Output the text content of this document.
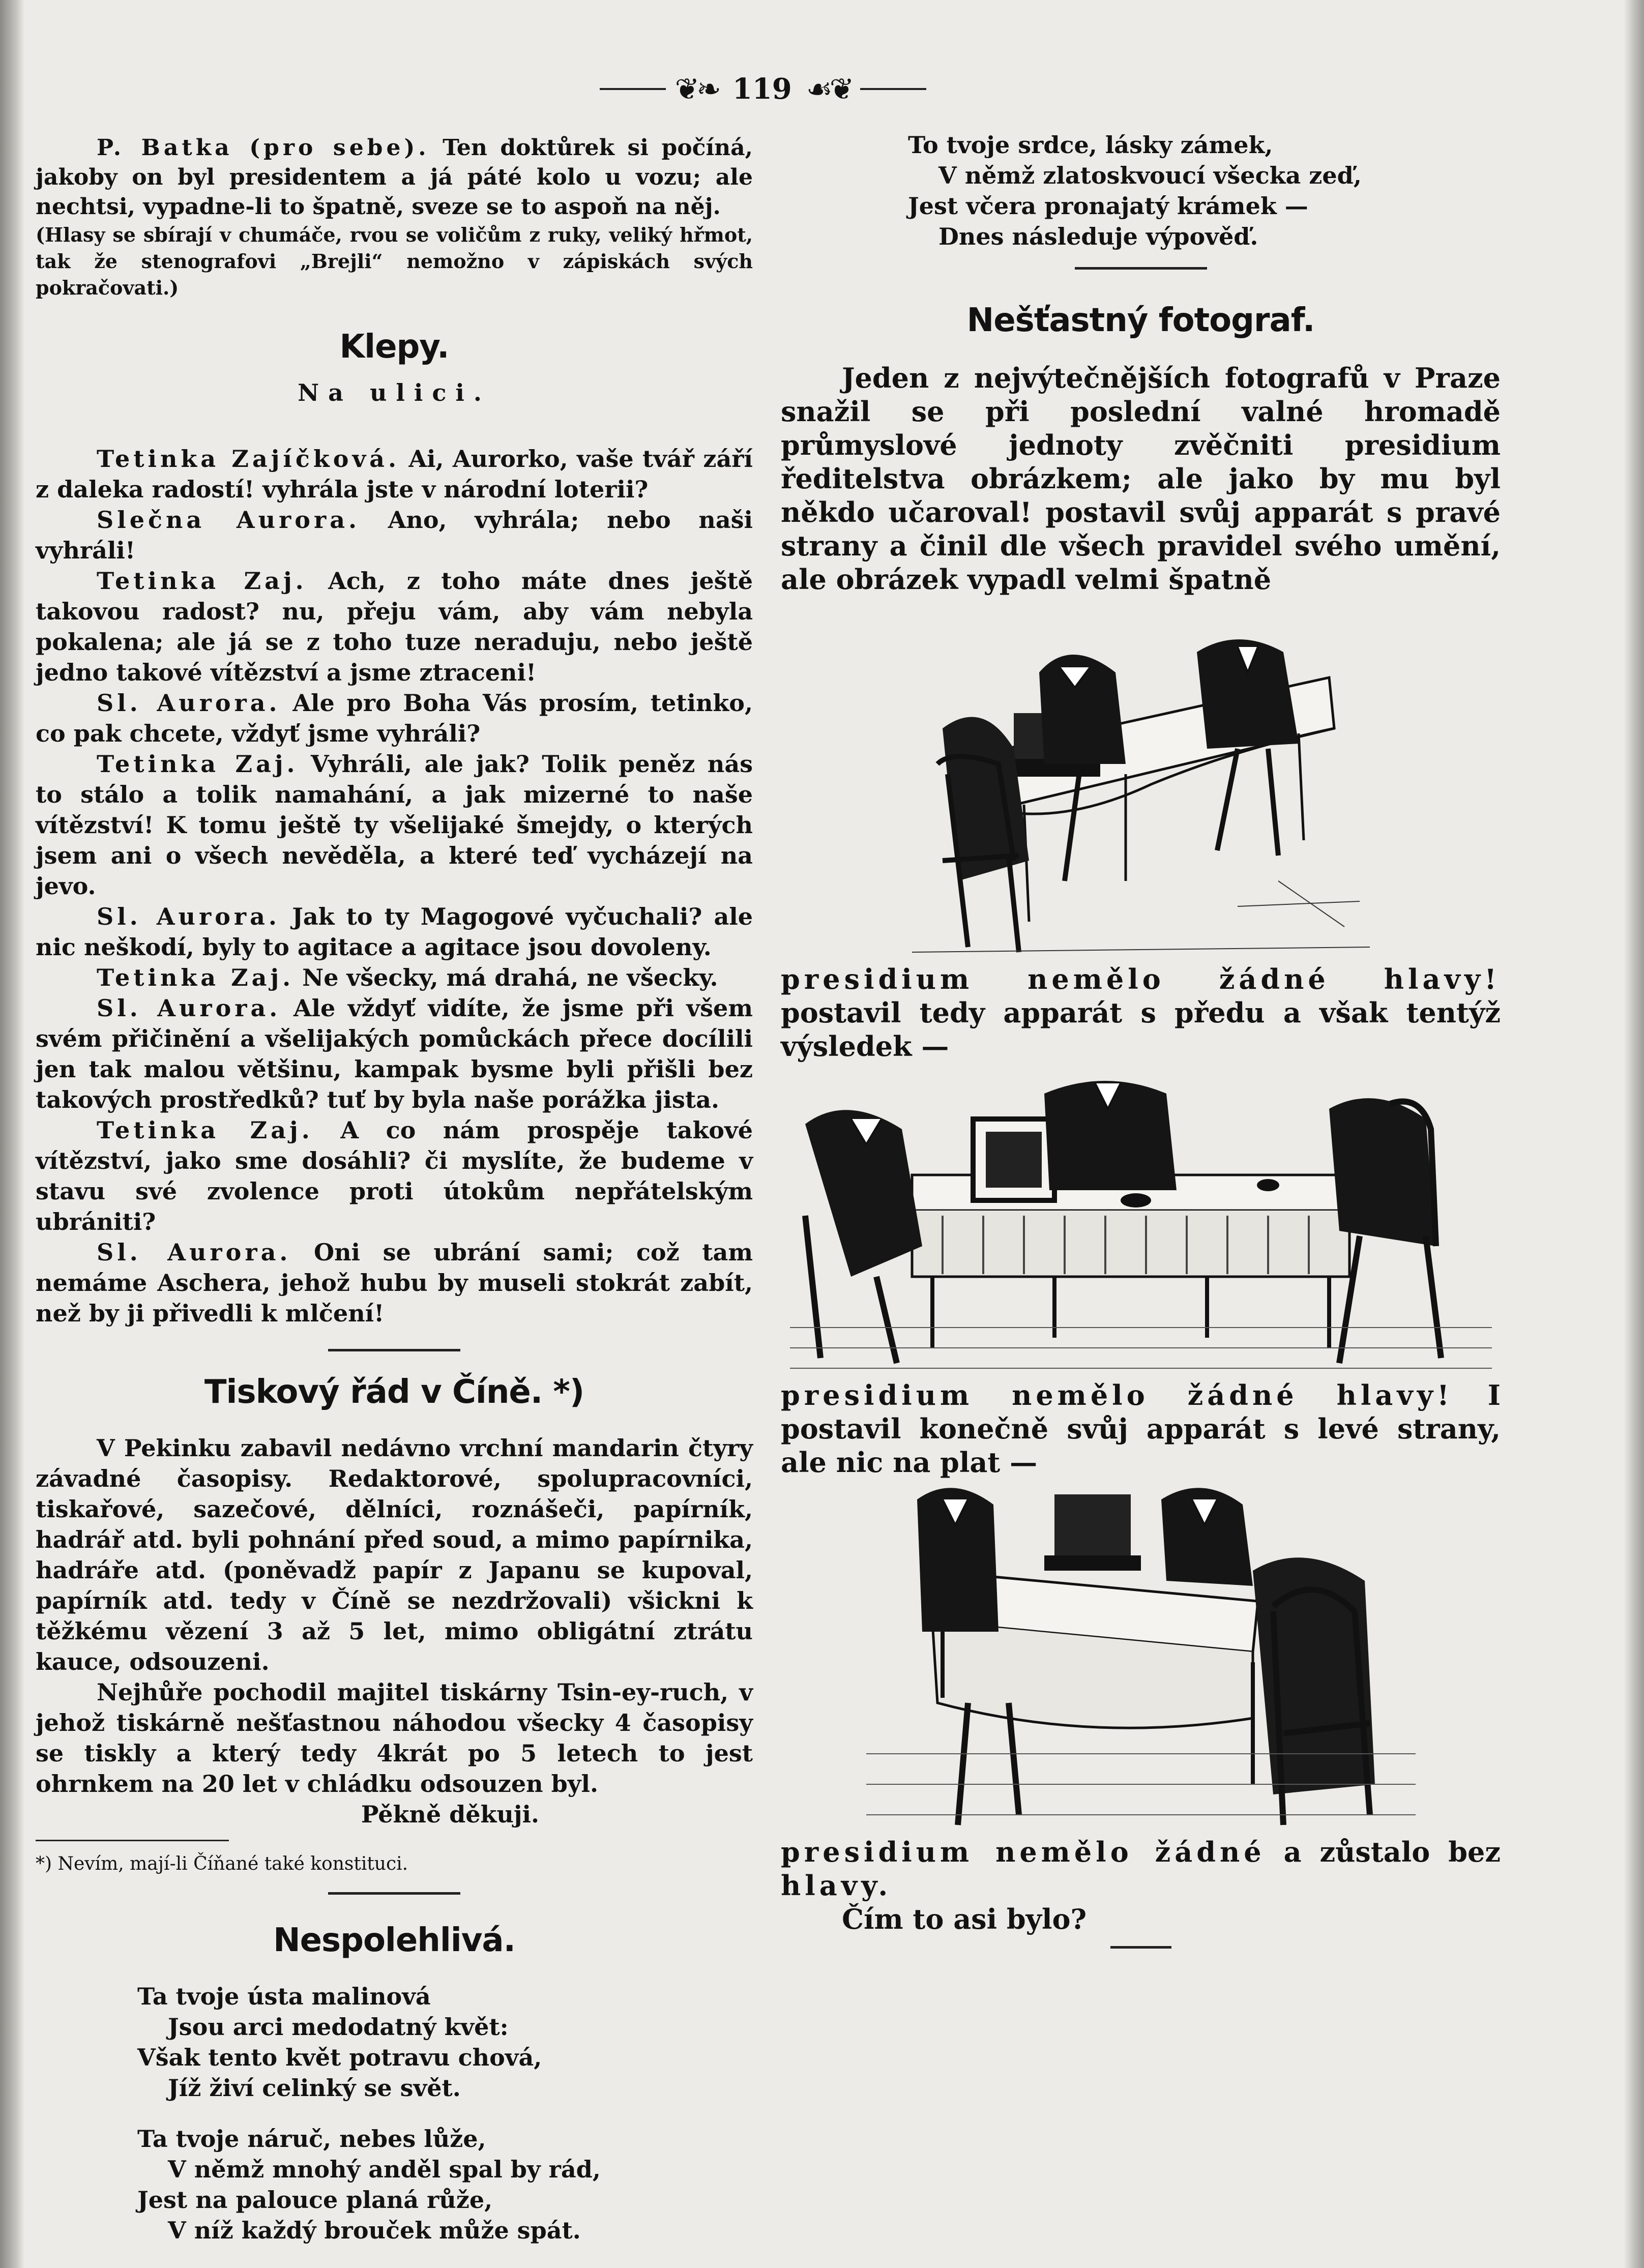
❦❧ 119 ☙❦

P. Batka (pro sebe). Ten doktůrek si počíná, jakoby on byl presidentem a já páté kolo u vozu; ale nechtsi, vypadne-li to špatně, sveze se to aspoň na něj.

(Hlasy se sbírají v chumáče, rvou se voličům z ruky, veliký hřmot, tak že stenografovi „Brejli“ nemožno v zápiskách svých pokračovati.)

Klepy.
Na ulici.

Tetinka Zajíčková. Ai, Aurorko, vaše tvář září z daleka radostí! vyhrála jste v národní loterii?

Slečna Aurora. Ano, vyhrála; nebo naši vyhráli!

Tetinka Zaj. Ach, z toho máte dnes ještě takovou radost? nu, přeju vám, aby vám nebyla pokalena; ale já se z toho tuze neraduju, nebo ještě jedno takové vítězství a jsme ztraceni!

Sl. Aurora. Ale pro Boha Vás prosím, tetinko, co pak chcete, vždyť jsme vyhráli?

Tetinka Zaj. Vyhráli, ale jak? Tolik peněz nás to stálo a tolik namahání, a jak mizerné to naše vítězství! K tomu ještě ty všelijaké šmejdy, o kterých jsem ani o všech nevěděla, a které teď vycházejí na jevo.

Sl. Aurora. Jak to ty Magogové vyčuchali? ale nic neškodí, byly to agitace a agitace jsou dovoleny.

Tetinka Zaj. Ne všecky, má drahá, ne všecky.

Sl. Aurora. Ale vždyť vidíte, že jsme při všem svém přičinění a všelijakých pomůckách přece docílili jen tak malou většinu, kampak bysme byli přišli bez takových prostředků? tuť by byla naše porážka jista.

Tetinka Zaj. A co nám prospěje takové vítězství, jako sme dosáhli? či myslíte, že budeme v stavu své zvolence proti útokům nepřátelským ubrániti?

Sl. Aurora. Oni se ubrání sami; což tam nemáme Aschera, jehož hubu by museli stokrát zabít, než by ji přivedli k mlčení!

Tiskový řád v Číně. *)

V Pekinku zabavil nedávno vrchní mandarin čtyry závadné časopisy. Redaktorové, spolupracovníci, tiskařové, sazečové, dělníci, roznášeči, papírník, hadrář atd. byli pohnání před soud, a mimo papírnika, hadráře atd. (poněvadž papír z Japanu se kupoval, papírník atd. tedy v Číně se nezdržovali) všicknі k těžkému vězení 3 až 5 let, mimo obligátní ztrátu kauce, odsouzeni.

Nejhůře pochodil majitel tiskárny Tsin-ey-ruch, v jehož tiskárně nešťastnou náhodou všecky 4 časopisy se tiskly a který tedy 4krát po 5 letech to jest ohrnkem na 20 let v chládku odsouzen byl.

Pěkně děkuji.

*) Nevím, mají-li Číňané také konstituci.

Nespolehlivá.

Ta tvoje ústa malinová

Jsou arci medodatný květ:

Však tento květ potravu chová,

Jíž živí celinký se svět.

Ta tvoje náruč, nebes lůže,

V němž mnohý anděl spal by rád,

Jest na palouce planá růže,

V níž každý brouček může spát.

To tvoje srdce, lásky zámek,

V němž zlatoskvoucí všecka zeď,

Jest včera pronajatý krámek —

Dnes následuje výpověď.

Nešťastný fotograf.

Jeden z nejvýtečnějších fotografů v Praze snažil se při poslední valné hromadě průmyslové jednoty zvěčniti presidium ředitelstva obrázkem; ale jako by mu byl někdo učaroval! postavil svůj apparát s pravé strany a činil dle všech pravidel svého umění, ale obrázek vypadl velmi špatně

presidium nemělo žádné hlavy! postavil tedy apparát s předu a však tentýž výsledek —

presidium nemělo žádné hlavy! I postavil konečně svůj apparát s levé strany, ale nic na plat —

presidium nemělo žádné a zůstalo bez hlavy.

Čím to asi bylo?
